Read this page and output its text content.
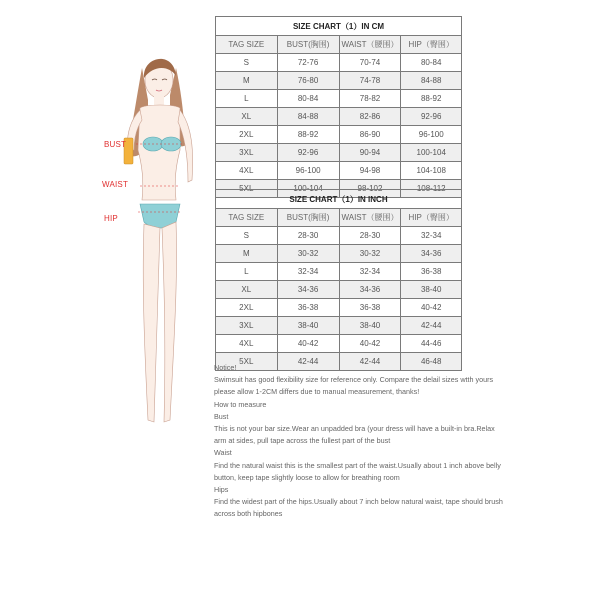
BUST
WAIST
HIP
SIZE CHART（1）IN CM			
TAG SIZE	BUST(胸围)	WAIST（腰围）	HIP（臀围）
S	72-76	70-74	80-84
M	76-80	74-78	84-88
L	80-84	78-82	88-92
XL	84-88	82-86	92-96
2XL	88-92	86-90	96-100
3XL	92-96	90-94	100-104
4XL	96-100	94-98	104-108
5XL	100-104	98-102	108-112
SIZE CHART（1）IN INCH			
TAG SIZE	BUST(胸围)	WAIST（腰围）	HIP（臀围）
S	28-30	28-30	32-34
M	30-32	30-32	34-36
L	32-34	32-34	36-38
XL	34-36	34-36	38-40
2XL	36-38	36-38	40-42
3XL	38-40	38-40	42-44
4XL	40-42	40-42	44-46
5XL	42-44	42-44	46-48

Notice!

Swimsuit has good flexibility size for reference only. Compare the delail sizes wtth yours please allow 1-2CM differs due to manual measurement, thanks!

How to measure

Bust

This is not your bar size.Wear an unpadded bra (your dress will have a built-in bra.Relax arm at sides, pull tape across the fullest part of the bust

Waist

Find the natural waist this is the smallest part of the waist.Usually about 1 inch above belly button, keep tape slightly loose to allow for breathing room

Hips

Find the widest part of the hips.Usually about 7 inch below natural waist, tape should brush across both hipbones
